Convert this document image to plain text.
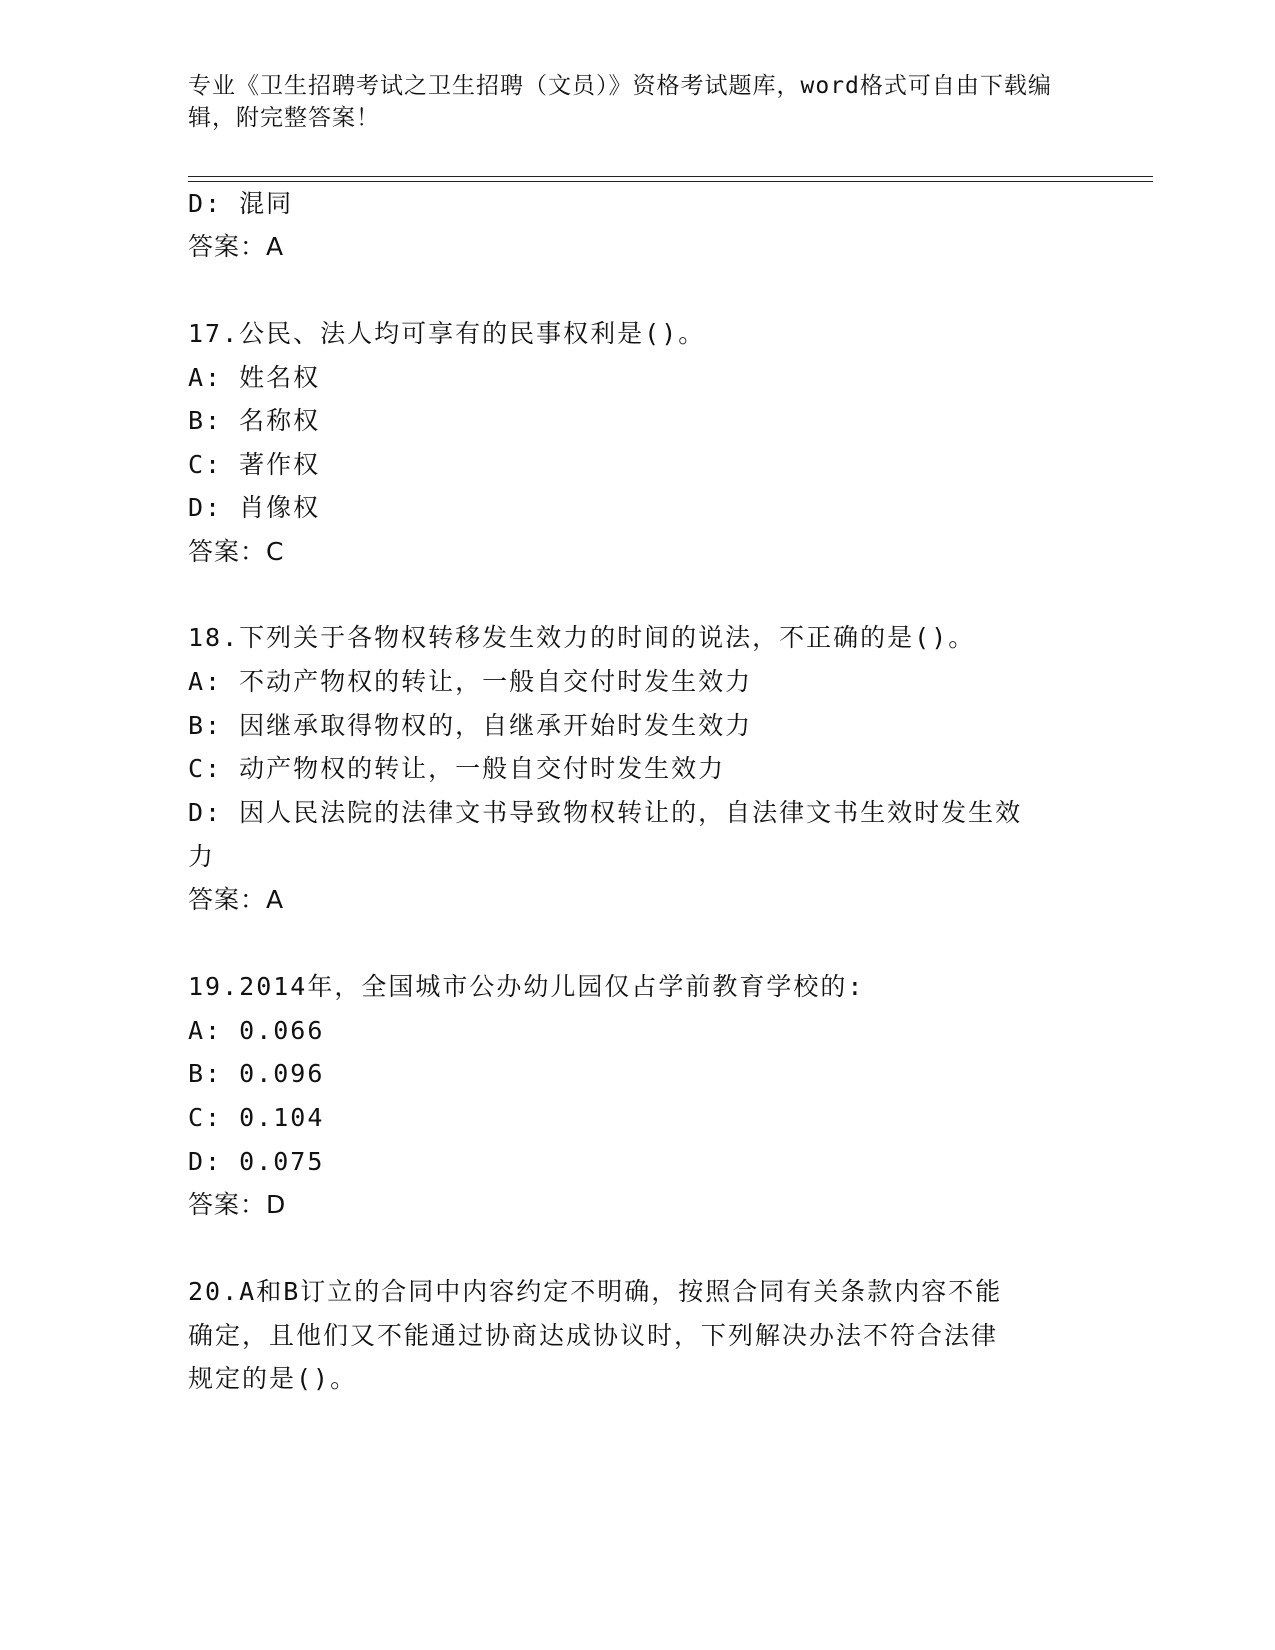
专业《卫生招聘考试之卫生招聘（文员）》资格考试题库，word格式可自由下载编辑，附完整答案！
D: 混同
答案：A
17.公民、法人均可享有的民事权利是()。
A: 姓名权
B: 名称权
C: 著作权
D: 肖像权
答案：C
18.下列关于各物权转移发生效力的时间的说法，不正确的是()。
A: 不动产物权的转让，一般自交付时发生效力
B: 因继承取得物权的，自继承开始时发生效力
C: 动产物权的转让，一般自交付时发生效力
D: 因人民法院的法律文书导致物权转让的，自法律文书生效时发生效
力
答案：A
19.2014年，全国城市公办幼儿园仅占学前教育学校的:
A: 0.066
B: 0.096
C: 0.104
D: 0.075
答案：D
20.A和B订立的合同中内容约定不明确，按照合同有关条款内容不能
确定，且他们又不能通过协商达成协议时，下列解决办法不符合法律
规定的是()。
